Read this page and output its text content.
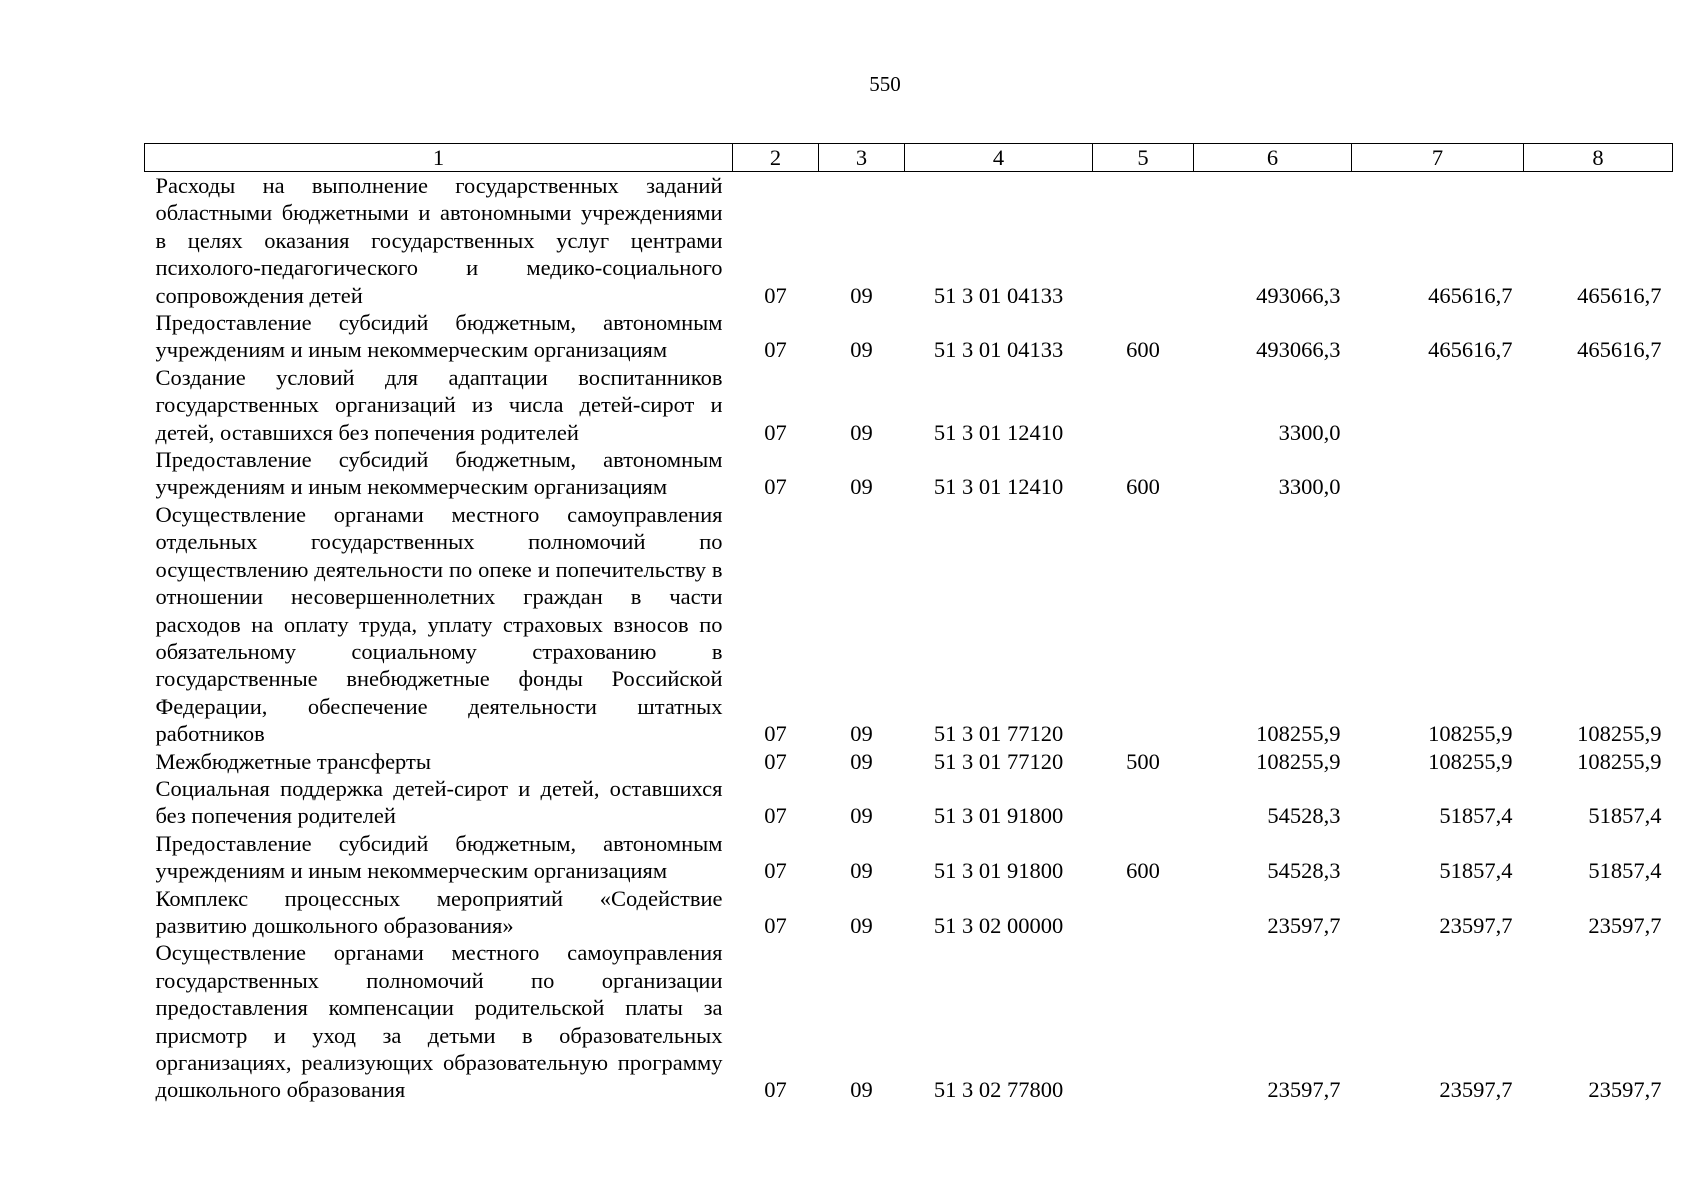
550
1	2	3	4	5	6	7	8
Расходы на выполнение государственных заданий областными бюджетными и автономными учреждениями в целях оказания государственных услуг центрами психолого-педагогического и медико-социального сопровождения детей	07	09	51 3 01 04133		493066,3	465616,7	465616,7
Предоставление субсидий бюджетным, автономным учреждениям и иным некоммерческим организациям	07	09	51 3 01 04133	600	493066,3	465616,7	465616,7
Создание условий для адаптации воспитанников государственных организаций из числа детей-сирот и детей, оставшихся без попечения родителей	07	09	51 3 01 12410		3300,0		
Предоставление субсидий бюджетным, автономным учреждениям и иным некоммерческим организациям	07	09	51 3 01 12410	600	3300,0		
Осуществление органами местного самоуправления отдельных государственных полномочий по осуществлению деятельности по опеке и попечительству в отношении несовершеннолетних граждан в части расходов на оплату труда, уплату страховых взносов по обязательному социальному страхованию в государственные внебюджетные фонды Российской Федерации, обеспечение деятельности штатных работников	07	09	51 3 01 77120		108255,9	108255,9	108255,9
Межбюджетные трансферты	07	09	51 3 01 77120	500	108255,9	108255,9	108255,9
Социальная поддержка детей-сирот и детей, оставшихся без попечения родителей	07	09	51 3 01 91800		54528,3	51857,4	51857,4
Предоставление субсидий бюджетным, автономным учреждениям и иным некоммерческим организациям	07	09	51 3 01 91800	600	54528,3	51857,4	51857,4
Комплекс процессных мероприятий «Содействие развитию дошкольного образования»	07	09	51 3 02 00000		23597,7	23597,7	23597,7
Осуществление органами местного самоуправления государственных полномочий по организации предоставления компенсации родительской платы за присмотр и уход за детьми в образовательных организациях, реализующих образовательную программу дошкольного образования	07	09	51 3 02 77800		23597,7	23597,7	23597,7
